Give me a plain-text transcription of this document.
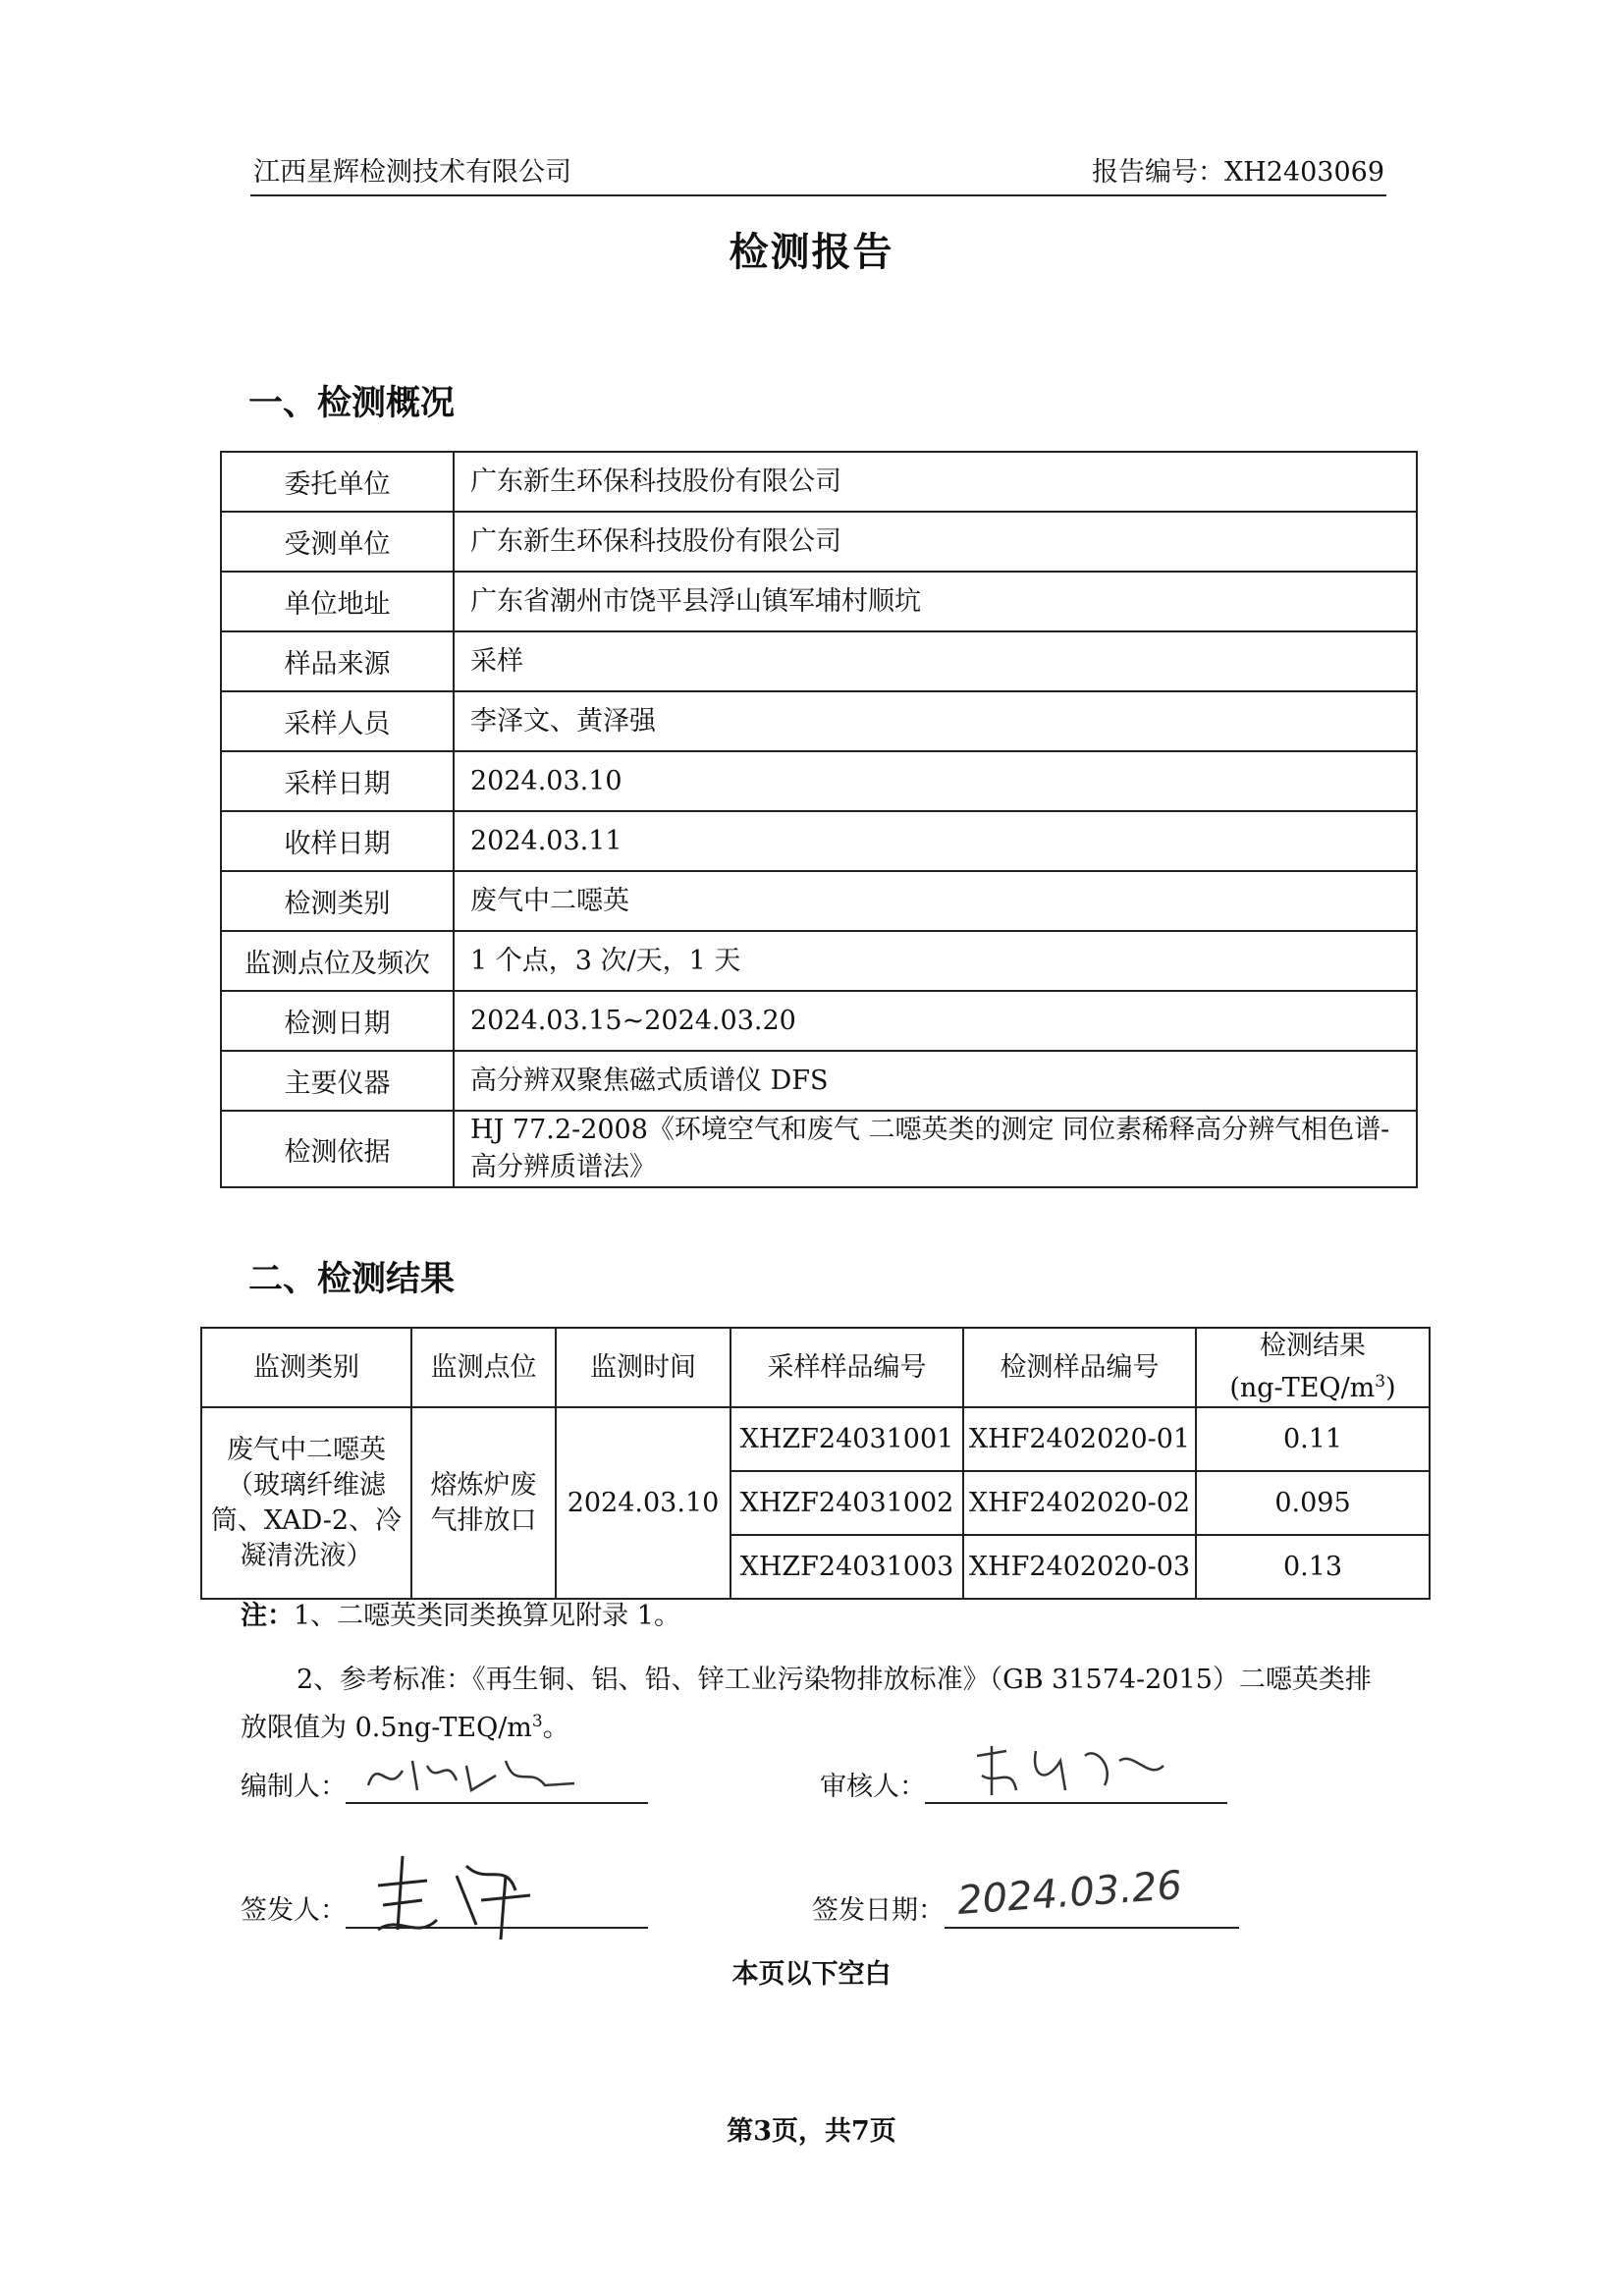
江西星辉检测技术有限公司	报告编号：XH2403069
检测报告
一、检测概况
委托单位	广东新生环保科技股份有限公司
受测单位	广东新生环保科技股份有限公司
单位地址	广东省潮州市饶平县浮山镇军埔村顺坑
样品来源	采样
采样人员	李泽文、黄泽强
采样日期	2024.03.10
收样日期	2024.03.11
检测类别	废气中二噁英
监测点位及频次	1 个点，3 次/天，1 天
检测日期	2024.03.15~2024.03.20
主要仪器	高分辨双聚焦磁式质谱仪 DFS
检测依据	HJ 77.2-2008《环境空气和废气 二噁英类的测定 同位素稀释高分辨气相色谱-高分辨质谱法》
二、检测结果
监测类别	监测点位	监测时间	采样样品编号	检测样品编号	检测结果
$(ng-TEQ/m^3)$

废气中二噁英（玻璃纤维滤筒、XAD-2、冷凝清洗液）	熔炼炉废气排放口	2024.03.10	XHZF24031001	XHF2402020-01	0.11
			XHZF24031002	XHF2402020-02	0.095
			XHZF24031003	XHF2402020-03	0.13
注：1、二噁英类同类换算见附录 1。
2、参考标准：《再生铜、铝、铅、锌工业污染物排放标准》（GB 31574-2015）二噁英类排放限值为 $0.5ng-TEQ/m^3$。
编制人：	审核人：
签发人：	签发日期： 2024.03.26
本页以下空白
第3页，共7页
